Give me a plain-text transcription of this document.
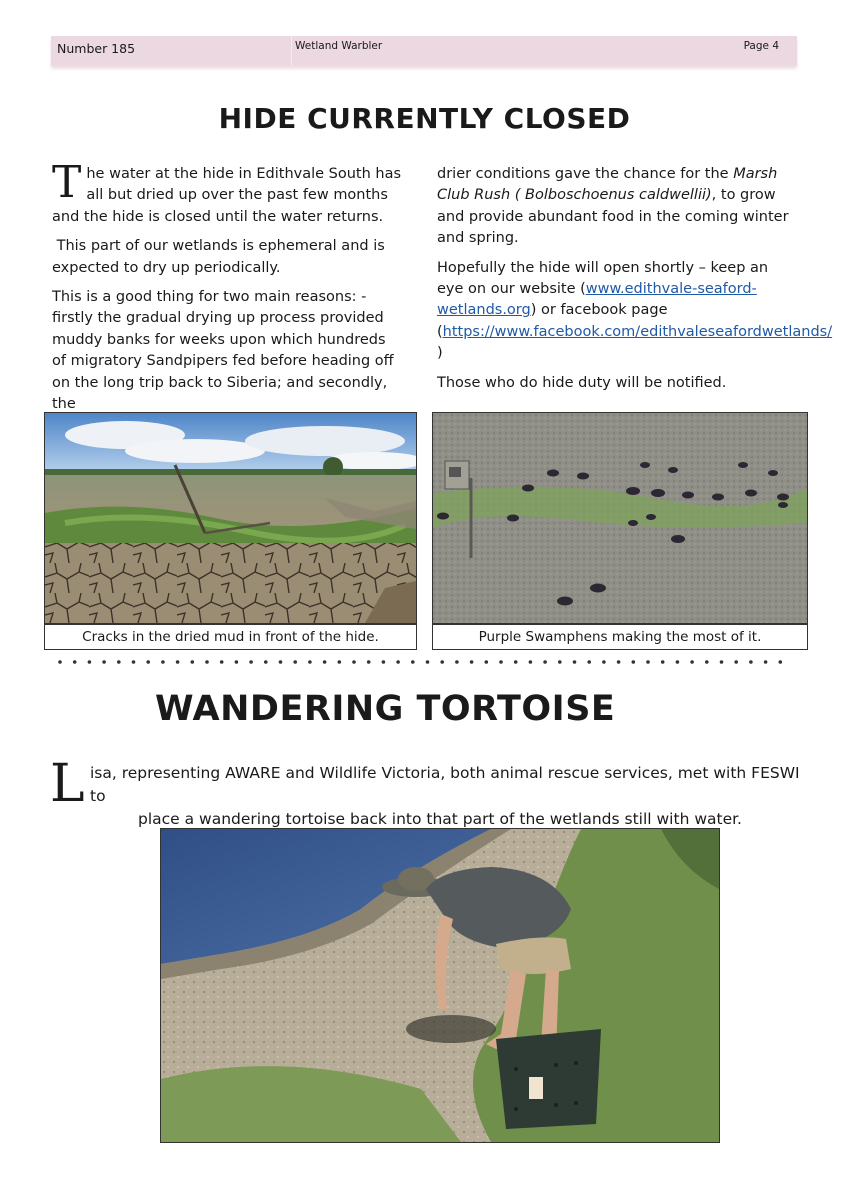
Number 185	Wetland Warbler	Page 4
HIDE CURRENTLY CLOSED

The water at the hide in Edithvale South has all but dried up over the past few months and the hide is closed until the water returns.

This part of our wetlands is ephemeral and is expected to dry up periodically.

This is a good thing for two main reasons: - firstly the gradual drying up process provided muddy banks for weeks upon which hundreds of migratory Sandpipers fed before heading off on the long trip back to Siberia; and secondly, the

drier conditions gave the chance for the Marsh Club Rush ( Bolboschoenus caldwellii), to grow and provide abundant food in the coming winter and spring.

Hopefully the hide will open shortly – keep an eye on our website (www.edithvale-seaford-wetlands.org) or facebook page (https://www.facebook.com/edithvaleseafordwetlands/ )

Those who do hide duty will be notified.

Cracks in the dried mud in front of the hide.	Purple Swamphens making the most of it.
WANDERING TORTOISE
L isa, representing AWARE and Wildlife Victoria, both animal rescue services, met with FESWI to
place a wandering tortoise back into that part of the wetlands still with water.
